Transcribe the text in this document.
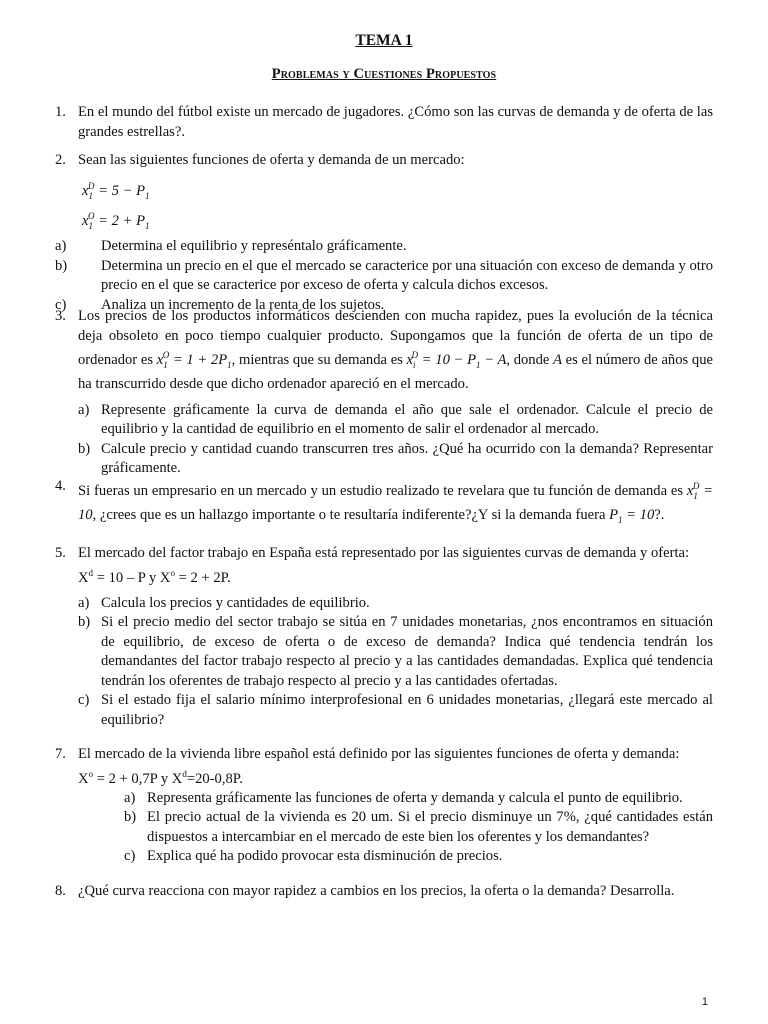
TEMA 1
Problemas y Cuestiones Propuestos
1. En el mundo del fútbol existe un mercado de jugadores. ¿Cómo son las curvas de demanda y de oferta de las grandes estrellas?.
2. Sean las siguientes funciones de oferta y demanda de un mercado:
$x_1^D = 5 - P_1$
$x_1^O = 2 + P_1$
a) Determina el equilibrio y represéntalo gráficamente.
b) Determina un precio en el que el mercado se caracterice por una situación con exceso de demanda y otro precio en el que se caracterice por exceso de oferta y calcula dichos excesos.
c) Analiza un incremento de la renta de los sujetos.
3. Los precios de los productos informáticos descienden con mucha rapidez, pues la evolución de la técnica deja obsoleto en poco tiempo cualquier producto. Supongamos que la función de oferta de un tipo de ordenador es $x_1^O = 1 + 2P_1$, mientras que su demanda es $x_i^D = 10 - P_1 - A$, donde A es el número de años que ha transcurrido desde que dicho ordenador apareció en el mercado.
a) Represente gráficamente la curva de demanda el año que sale el ordenador. Calcule el precio de equilibrio y la cantidad de equilibrio en el momento de salir el ordenador al mercado.
b) Calcule precio y cantidad cuando transcurren tres años. ¿Qué ha ocurrido con la demanda? Representar gráficamente.
4. Si fueras un empresario en un mercado y un estudio realizado te revelara que tu función de demanda es $x_1^D = 10$, ¿crees que es un hallazgo importante o te resultaría indiferente?¿Y si la demanda fuera $P_1 = 10$?.
5. El mercado del factor trabajo en España está representado por las siguientes curvas de demanda y oferta:
$X^d = 10 - P$ y $X^o = 2 + 2P$.
a) Calcula los precios y cantidades de equilibrio.
b) Si el precio medio del sector trabajo se sitúa en 7 unidades monetarias, ¿nos encontramos en situación de equilibrio, de exceso de oferta o de exceso de demanda? Indica qué tendencia tendrán los demandantes del factor trabajo respecto al precio y a las cantidades demandadas. Explica qué tendencia tendrán los oferentes de trabajo respecto al precio y a las cantidades ofertadas.
c) Si el estado fija el salario mínimo interprofesional en 6 unidades monetarias, ¿llegará este mercado al equilibrio?
7. El mercado de la vivienda libre español está definido por las siguientes funciones de oferta y demanda:
$X^o = 2 + 0,7P$ y $X^d=20-0,8P$.
a) Representa gráficamente las funciones de oferta y demanda y calcula el punto de equilibrio.
b) El precio actual de la vivienda es 20 um. Si el precio disminuye un 7%, ¿qué cantidades están dispuestos a intercambiar en el mercado de este bien los oferentes y los demandantes?
c) Explica qué ha podido provocar esta disminución de precios.
8. ¿Qué curva reacciona con mayor rapidez a cambios en los precios, la oferta o la demanda? Desarrolla.
1
